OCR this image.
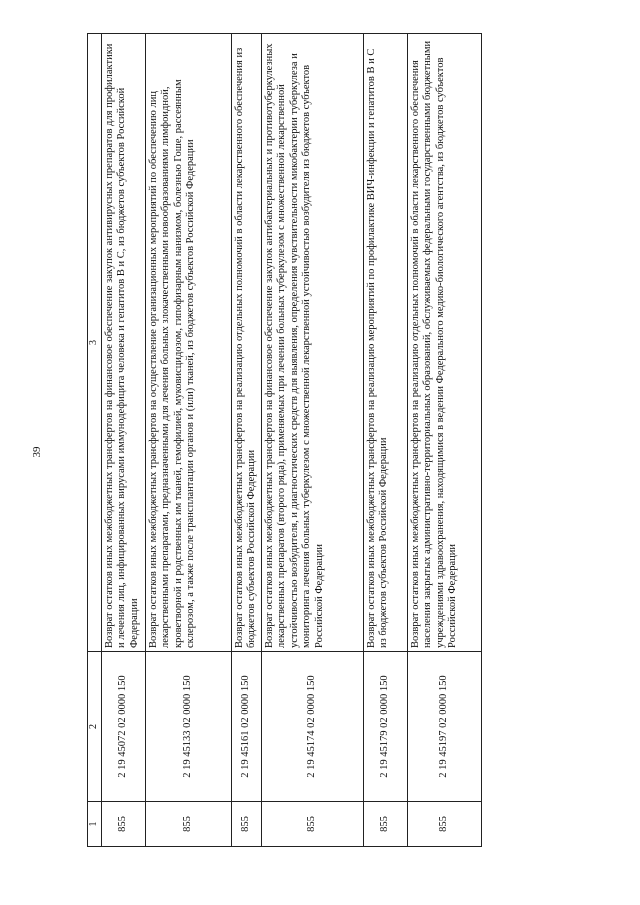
39
1	2	3
855	2 19 45072 02 0000 150	Возврат остатков иных межбюджетных трансфертов на финансовое обеспечение закупок антивирусных препаратов для профилактики и лечения лиц, инфицированных вирусами иммунодефицита человека и гепатитов B и C, из бюджетов субъектов Российской Федерации
855	2 19 45133 02 0000 150	Возврат остатков иных межбюджетных трансфертов на осуществление организационных мероприятий по обеспечению лиц лекарственными препаратами, предназначенными для лечения больных злокачественными новообразованиями лимфоидной, кроветворной и родственных им тканей, гемофилией, муковисцидозом, гипофизарным нанизмом, болезнью Гоше, рассеянным склерозом, а также после трансплантации органов и (или) тканей, из бюджетов субъектов Российской Федерации
855	2 19 45161 02 0000 150	Возврат остатков иных межбюджетных трансфертов на реализацию отдельных полномочий в области лекарственного обеспечения из бюджетов субъектов Российской Федерации
855	2 19 45174 02 0000 150	Возврат остатков иных межбюджетных трансфертов на финансовое обеспечение закупок антибактериальных и противотуберкулезных лекарственных препаратов (второго ряда), применяемых при лечении больных туберкулезом с множественной лекарственной устойчивостью возбудителя, и диагностических средств для выявления, определения чувствительности микобактерии туберкулеза и мониторинга лечения больных туберкулезом с множественной лекарственной устойчивостью возбудителя из бюджетов субъектов Российской Федерации
855	2 19 45179 02 0000 150	Возврат остатков иных межбюджетных трансфертов на реализацию мероприятий по профилактике ВИЧ-инфекции и гепатитов B и C из бюджетов субъектов Российской Федерации
855	2 19 45197 02 0000 150	Возврат остатков иных межбюджетных трансфертов на реализацию отдельных полномочий в области лекарственного обеспечения населения закрытых административно-территориальных образований, обслуживаемых федеральными государственными бюджетными учреждениями здравоохранения, находящимися в ведении Федерального медико-биологического агентства, из бюджетов субъектов Российской Федерации
